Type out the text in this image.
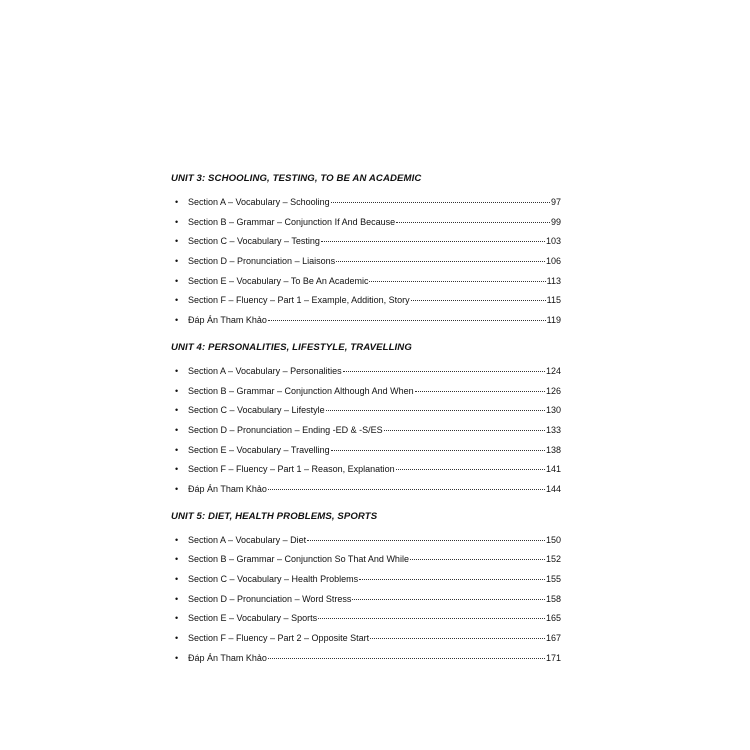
UNIT 3: SCHOOLING, TESTING, TO BE AN ACADEMIC
•	Section A – Vocabulary – Schooling	97
•	Section B – Grammar – Conjunction If And Because	99
•	Section C – Vocabulary – Testing	103
•	Section D – Pronunciation – Liaisons	106
•	Section E – Vocabulary – To Be An Academic	113
•	Section F – Fluency – Part 1 – Example, Addition, Story	115
•	Đáp Án Tham Khảo	119
UNIT 4: PERSONALITIES, LIFESTYLE, TRAVELLING
•	Section A – Vocabulary – Personalities	124
•	Section B – Grammar – Conjunction Although And When	126
•	Section C – Vocabulary – Lifestyle	130
•	Section D – Pronunciation – Ending -ED & -S/ES	133
•	Section E – Vocabulary – Travelling	138
•	Section F – Fluency – Part 1 – Reason, Explanation	141
•	Đáp Án Tham Khảo	144
UNIT 5: DIET, HEALTH PROBLEMS, SPORTS
•	Section A – Vocabulary – Diet	150
•	Section B – Grammar – Conjunction So That And While	152
•	Section C – Vocabulary – Health Problems	155
•	Section D – Pronunciation – Word Stress	158
•	Section E – Vocabulary – Sports	165
•	Section F – Fluency – Part 2 – Opposite Start	167
•	Đáp Án Tham Khảo	171
